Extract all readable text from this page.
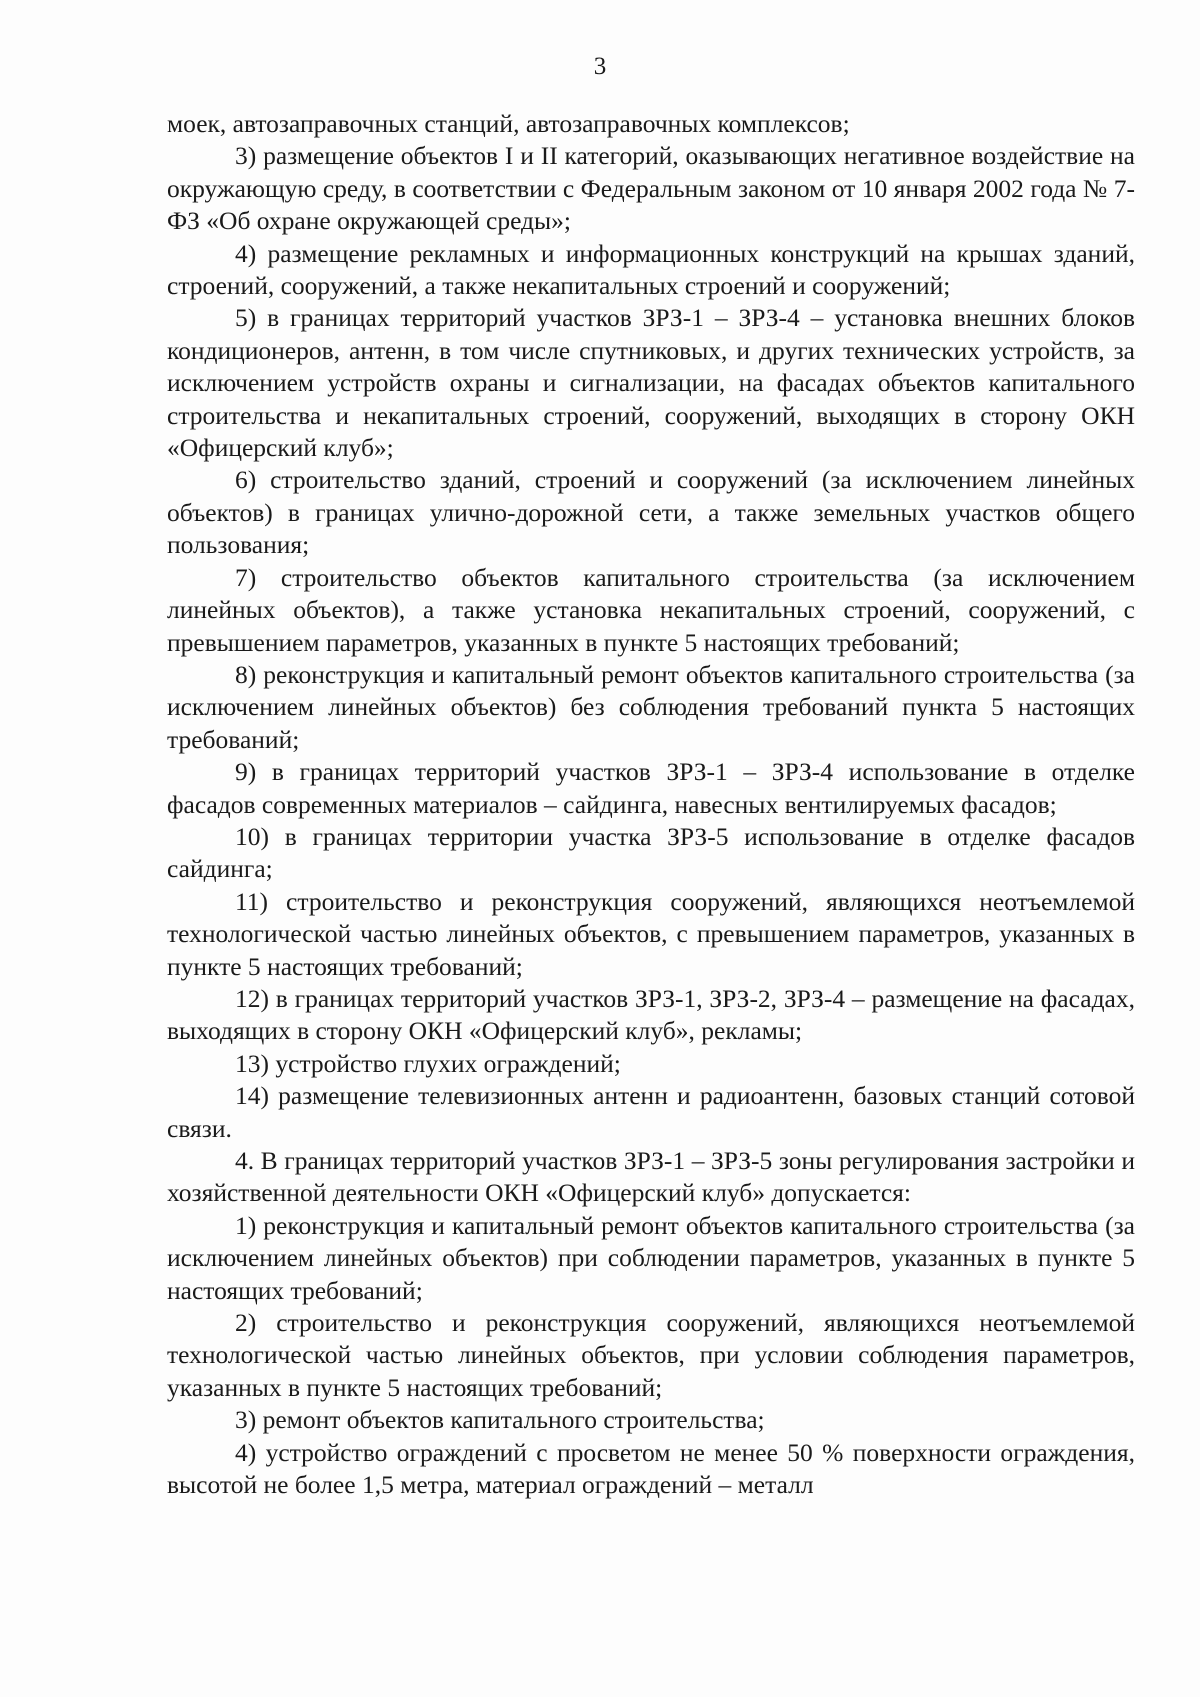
3

моек, автозаправочных станций, автозаправочных комплексов;

3) размещение объектов I и II категорий, оказывающих негативное воздействие на окружающую среду, в соответствии с Федеральным законом от 10 января 2002 года № 7-ФЗ «Об охране окружающей среды»;

4) размещение рекламных и информационных конструкций на крышах зданий, строений, сооружений, а также некапитальных строений и сооружений;

5) в границах территорий участков ЗРЗ-1 – ЗРЗ-4 – установка внешних блоков кондиционеров, антенн, в том числе спутниковых, и других технических устройств, за исключением устройств охраны и сигнализации, на фасадах объектов капитального строительства и некапитальных строений, сооружений, выходящих в сторону ОКН «Офицерский клуб»;

6) строительство зданий, строений и сооружений (за исключением линейных объектов) в границах улично-дорожной сети, а также земельных участков общего пользования;

7) строительство объектов капитального строительства (за исключением линейных объектов), а также установка некапитальных строений, сооружений, с превышением параметров, указанных в пункте 5 настоящих требований;

8) реконструкция и капитальный ремонт объектов капитального строительства (за исключением линейных объектов) без соблюдения требований пункта 5 настоящих требований;

9) в границах территорий участков ЗРЗ-1 – ЗРЗ-4 использование в отделке фасадов современных материалов – сайдинга, навесных вентилируемых фасадов;

10) в границах территории участка ЗРЗ-5 использование в отделке фасадов сайдинга;

11) строительство и реконструкция сооружений, являющихся неотъемлемой технологической частью линейных объектов, с превышением параметров, указанных в пункте 5 настоящих требований;

12) в границах территорий участков ЗРЗ-1, ЗРЗ-2, ЗРЗ-4 – размещение на фасадах, выходящих в сторону ОКН «Офицерский клуб», рекламы;

13) устройство глухих ограждений;

14) размещение телевизионных антенн и радиоантенн, базовых станций сотовой связи.

4. В границах территорий участков ЗРЗ-1 – ЗРЗ-5 зоны регулирования застройки и хозяйственной деятельности ОКН «Офицерский клуб» допускается:

1) реконструкция и капитальный ремонт объектов капитального строительства (за исключением линейных объектов) при соблюдении параметров, указанных в пункте 5 настоящих требований;

2) строительство и реконструкция сооружений, являющихся неотъемлемой технологической частью линейных объектов, при условии соблюдения параметров, указанных в пункте 5 настоящих требований;

3) ремонт объектов капитального строительства;

4) устройство ограждений с просветом не менее 50 % поверхности ограждения, высотой не более 1,5 метра, материал ограждений – металл
